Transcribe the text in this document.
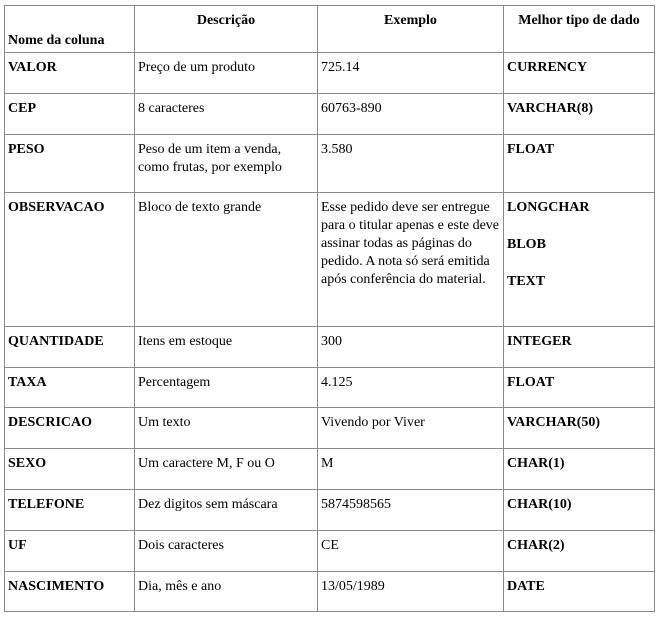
Nome da coluna	Descrição	Exemplo	Melhor tipo de dado
VALOR	Preço de um produto	725.14	CURRENCY

CEP	8 caracteres	60763-890	VARCHAR(8)

PESO	Peso de um item a venda, como frutas, por exemplo	3.580	FLOAT

OBSERVACAO	Bloco de texto grande	Esse pedido deve ser entregue para o titular apenas e este deve assinar todas as páginas do pedido. A nota só será emitida após conferência do material.	LONGCHAR
BLOB
TEXT

QUANTIDADE	Itens em estoque	300	INTEGER

TAXA	Percentagem	4.125	FLOAT

DESCRICAO	Um texto	Vivendo por Viver	VARCHAR(50)

SEXO	Um caractere M, F ou O	M	CHAR(1)

TELEFONE	Dez digitos sem máscara	5874598565	CHAR(10)

UF	Dois caracteres	CE	CHAR(2)

NASCIMENTO	Dia, mês e ano	13/05/1989	DATE
